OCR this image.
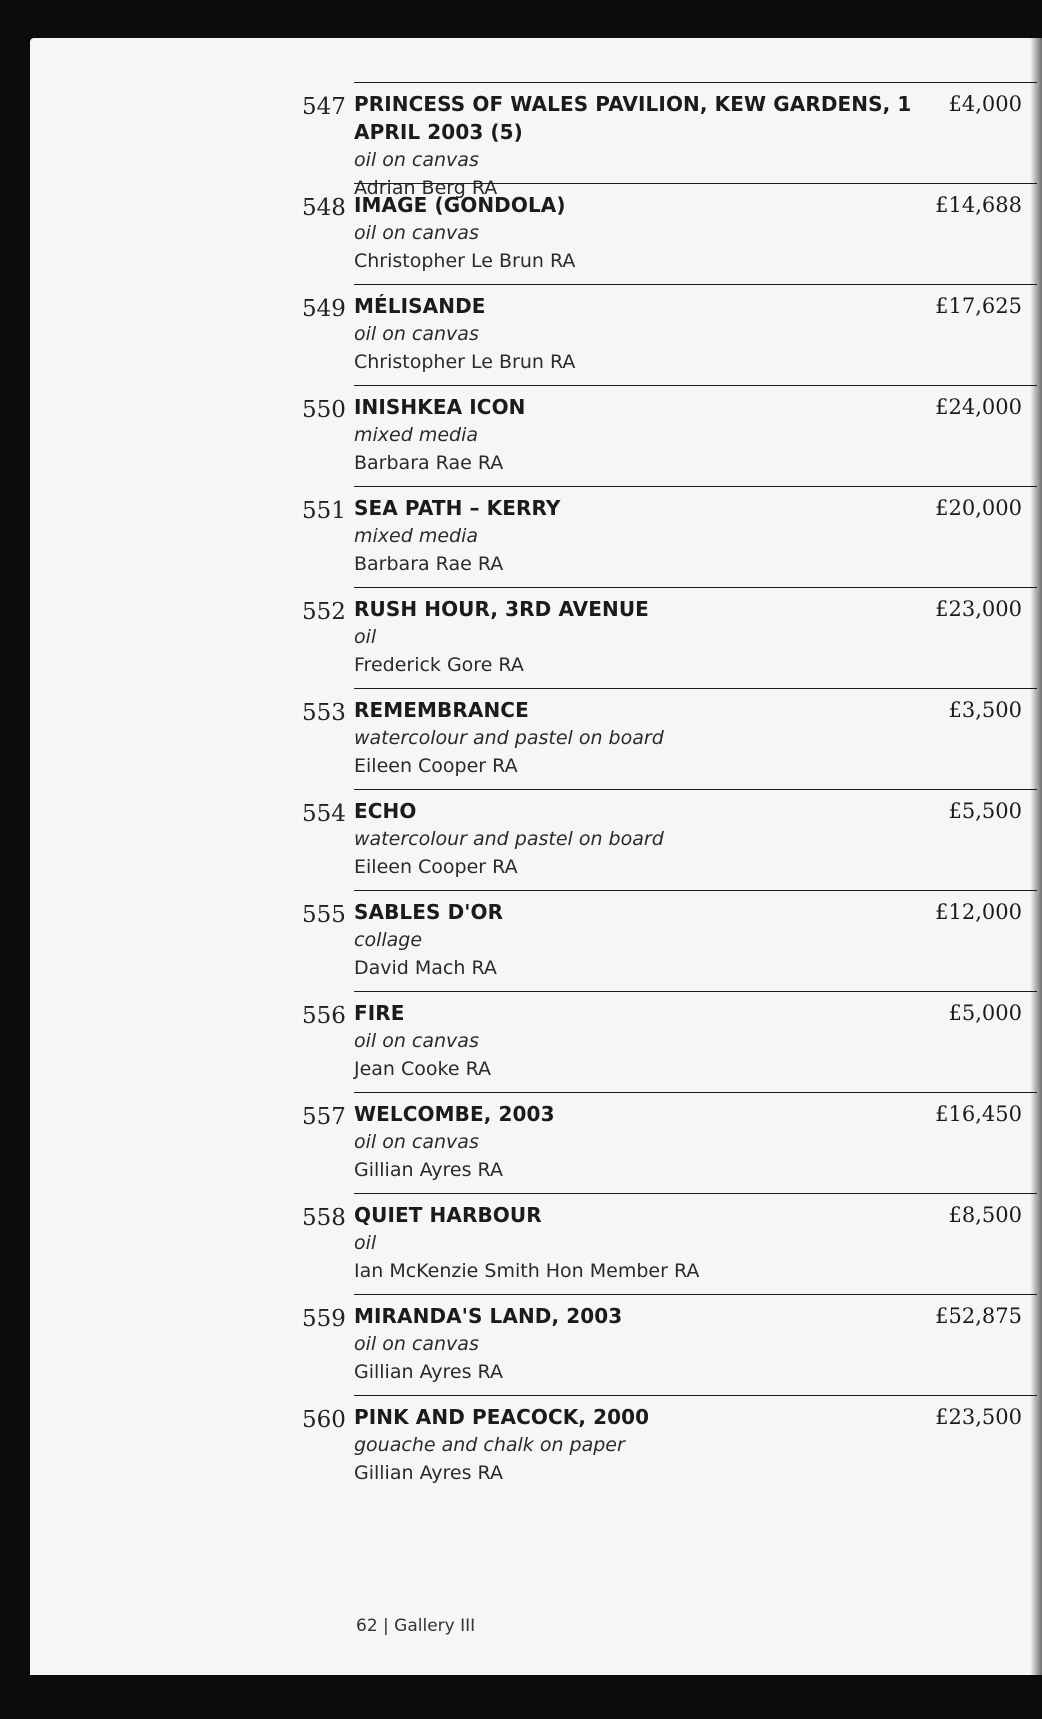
547 PRINCESS OF WALES PAVILION, KEW GARDENS, 1 APRIL 2003 (5)
oil on canvas
Adrian Berg RA
£4,000
548 IMAGE (GONDOLA)
oil on canvas
Christopher Le Brun RA
£14,688
549 MÉLISANDE
oil on canvas
Christopher Le Brun RA
£17,625
550 INISHKEA ICON
mixed media
Barbara Rae RA
£24,000
551 SEA PATH – KERRY
mixed media
Barbara Rae RA
£20,000
552 RUSH HOUR, 3RD AVENUE
oil
Frederick Gore RA
£23,000
553 REMEMBRANCE
watercolour and pastel on board
Eileen Cooper RA
£3,500
554 ECHO
watercolour and pastel on board
Eileen Cooper RA
£5,500
555 SABLES D'OR
collage
David Mach RA
£12,000
556 FIRE
oil on canvas
Jean Cooke RA
£5,000
557 WELCOMBE, 2003
oil on canvas
Gillian Ayres RA
£16,450
558 QUIET HARBOUR
oil
Ian McKenzie Smith Hon Member RA
£8,500
559 MIRANDA'S LAND, 2003
oil on canvas
Gillian Ayres RA
£52,875
560 PINK AND PEACOCK, 2000
gouache and chalk on paper
Gillian Ayres RA
£23,500
62 | Gallery III
